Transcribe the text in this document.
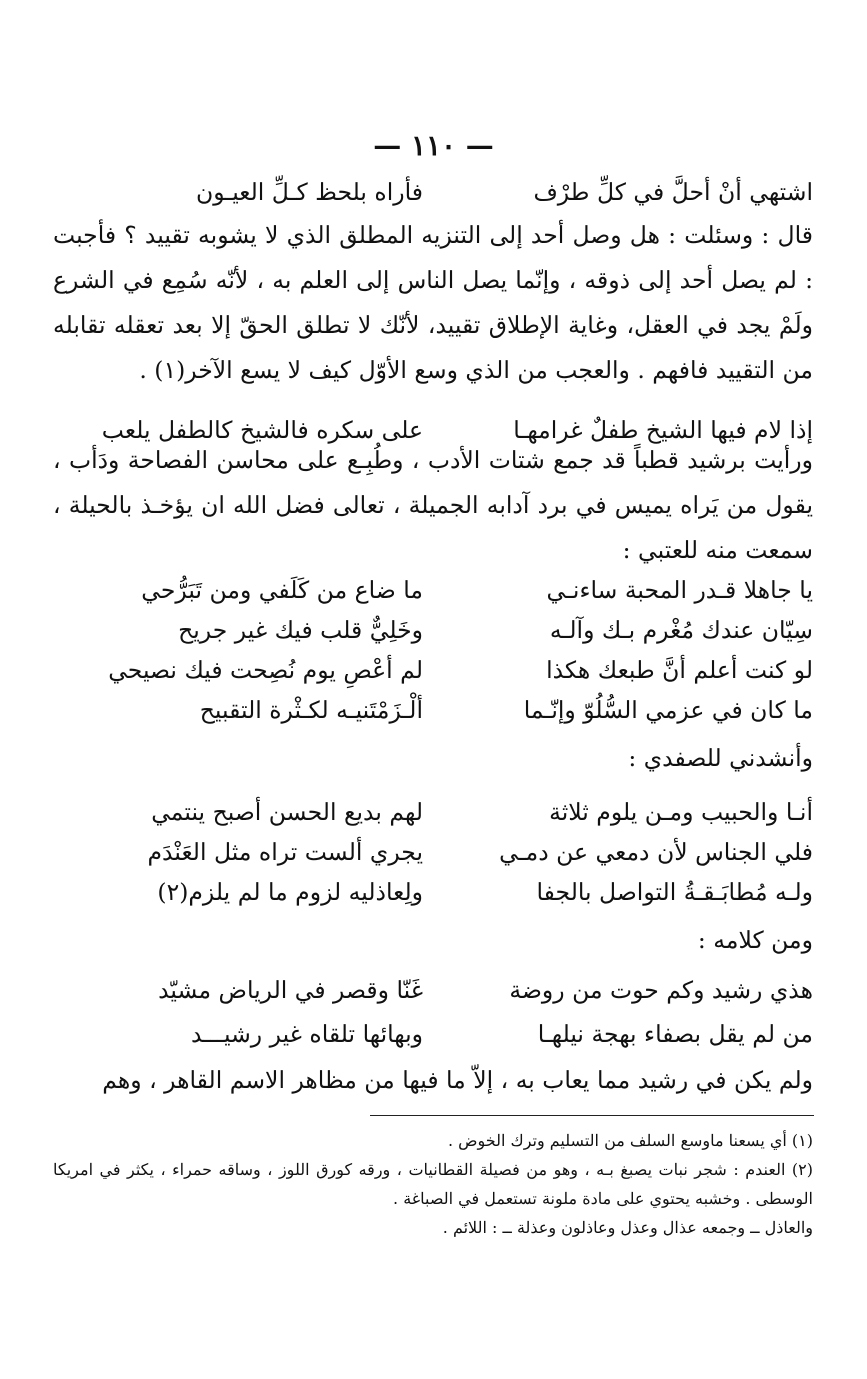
— ١١٠ —
اشتهي أنْ أحلَّ في كلِّ طرْف
فأراه بلحظ كـلِّ العيـون
قال : وسئلت : هل وصل أحد إلى التنزيه المطلق الذي لا يشوبه تقييد ؟ فأجبت : لم يصل أحد إلى ذوقه ، وإنّما يصل الناس إلى العلم به ، لأنّه سُمِع في الشرع ولَمْ يجد في العقل، وغاية الإطلاق تقييد، لأنّك لا تطلق الحقّ إلا بعد تعقله تقابله من التقييد فافهم . والعجب من الذي وسع الأوّل كيف لا يسع الآخر(١) .
إذا لام فيها الشيخ طفلٌ غرامهـا
على سكره فالشيخ كالطفل يلعب
ورأيت برشيد قطباً قد جمع شتات الأدب ، وطُبِـع على محاسن الفصاحة ودَأب ، يقول من يَراه يميس في برد آدابه الجميلة ، تعالى فضل الله ان يؤخـذ بالحيلة ، سمعت منه للعتبي :
يا جاهلا قـدر المحبة ساءنـي
ما ضاع من كَلَفي ومن تَبَرُّحي
سِيّان عندك مُغْرم بـك وآلـه
وخَلِيٌّ قلب فيك غير جريح
لو كنت أعلم أنَّ طبعك هكذا
لم أعْصِ يوم نُصِحت فيك نصيحي
ما كان في عزمي السُّلُوّ وإنّـما
ألْـزَمْتَنيـه لكـثْرة التقبيح
وأنشدني للصفدي :
أنـا والحبيب ومـن يلوم ثلاثة
لهم بديع الحسن أصبح ينتمي
فلي الجناس لأن دمعي عن دمـي
يجري ألست تراه مثل العَنْدَم
ولـه مُطابَـقـةُ التواصل بالجفا
ولِعاذليه لزوم ما لم يلزم(٢)
ومن كلامه :
هذي رشيد وكم حوت من روضة
غَنّا وقصر في الرياض مشيّد
من لم يقل بصفاء بهجة نيلهـا
وبهائها تلقاه غير رشيـــد
ولم يكن في رشيد مما يعاب به ، إلاّ ما فيها من مظاهر الاسم القاهر ، وهم

(١) أي يسعنا ماوسع السلف من التسليم وترك الخوض .

(٢) العندم : شجر نبات يصبغ بـه ، وهو من فصيلة القطانيات ، ورقه كورق اللوز ، وساقه حمراء ، يكثر في امريكا الوسطى . وخشبه يحتوي على مادة ملونة تستعمل في الصباغة .

والعاذل ــ وجمعه عذال وعذل وعاذلون وعذلة ــ : اللائم .
